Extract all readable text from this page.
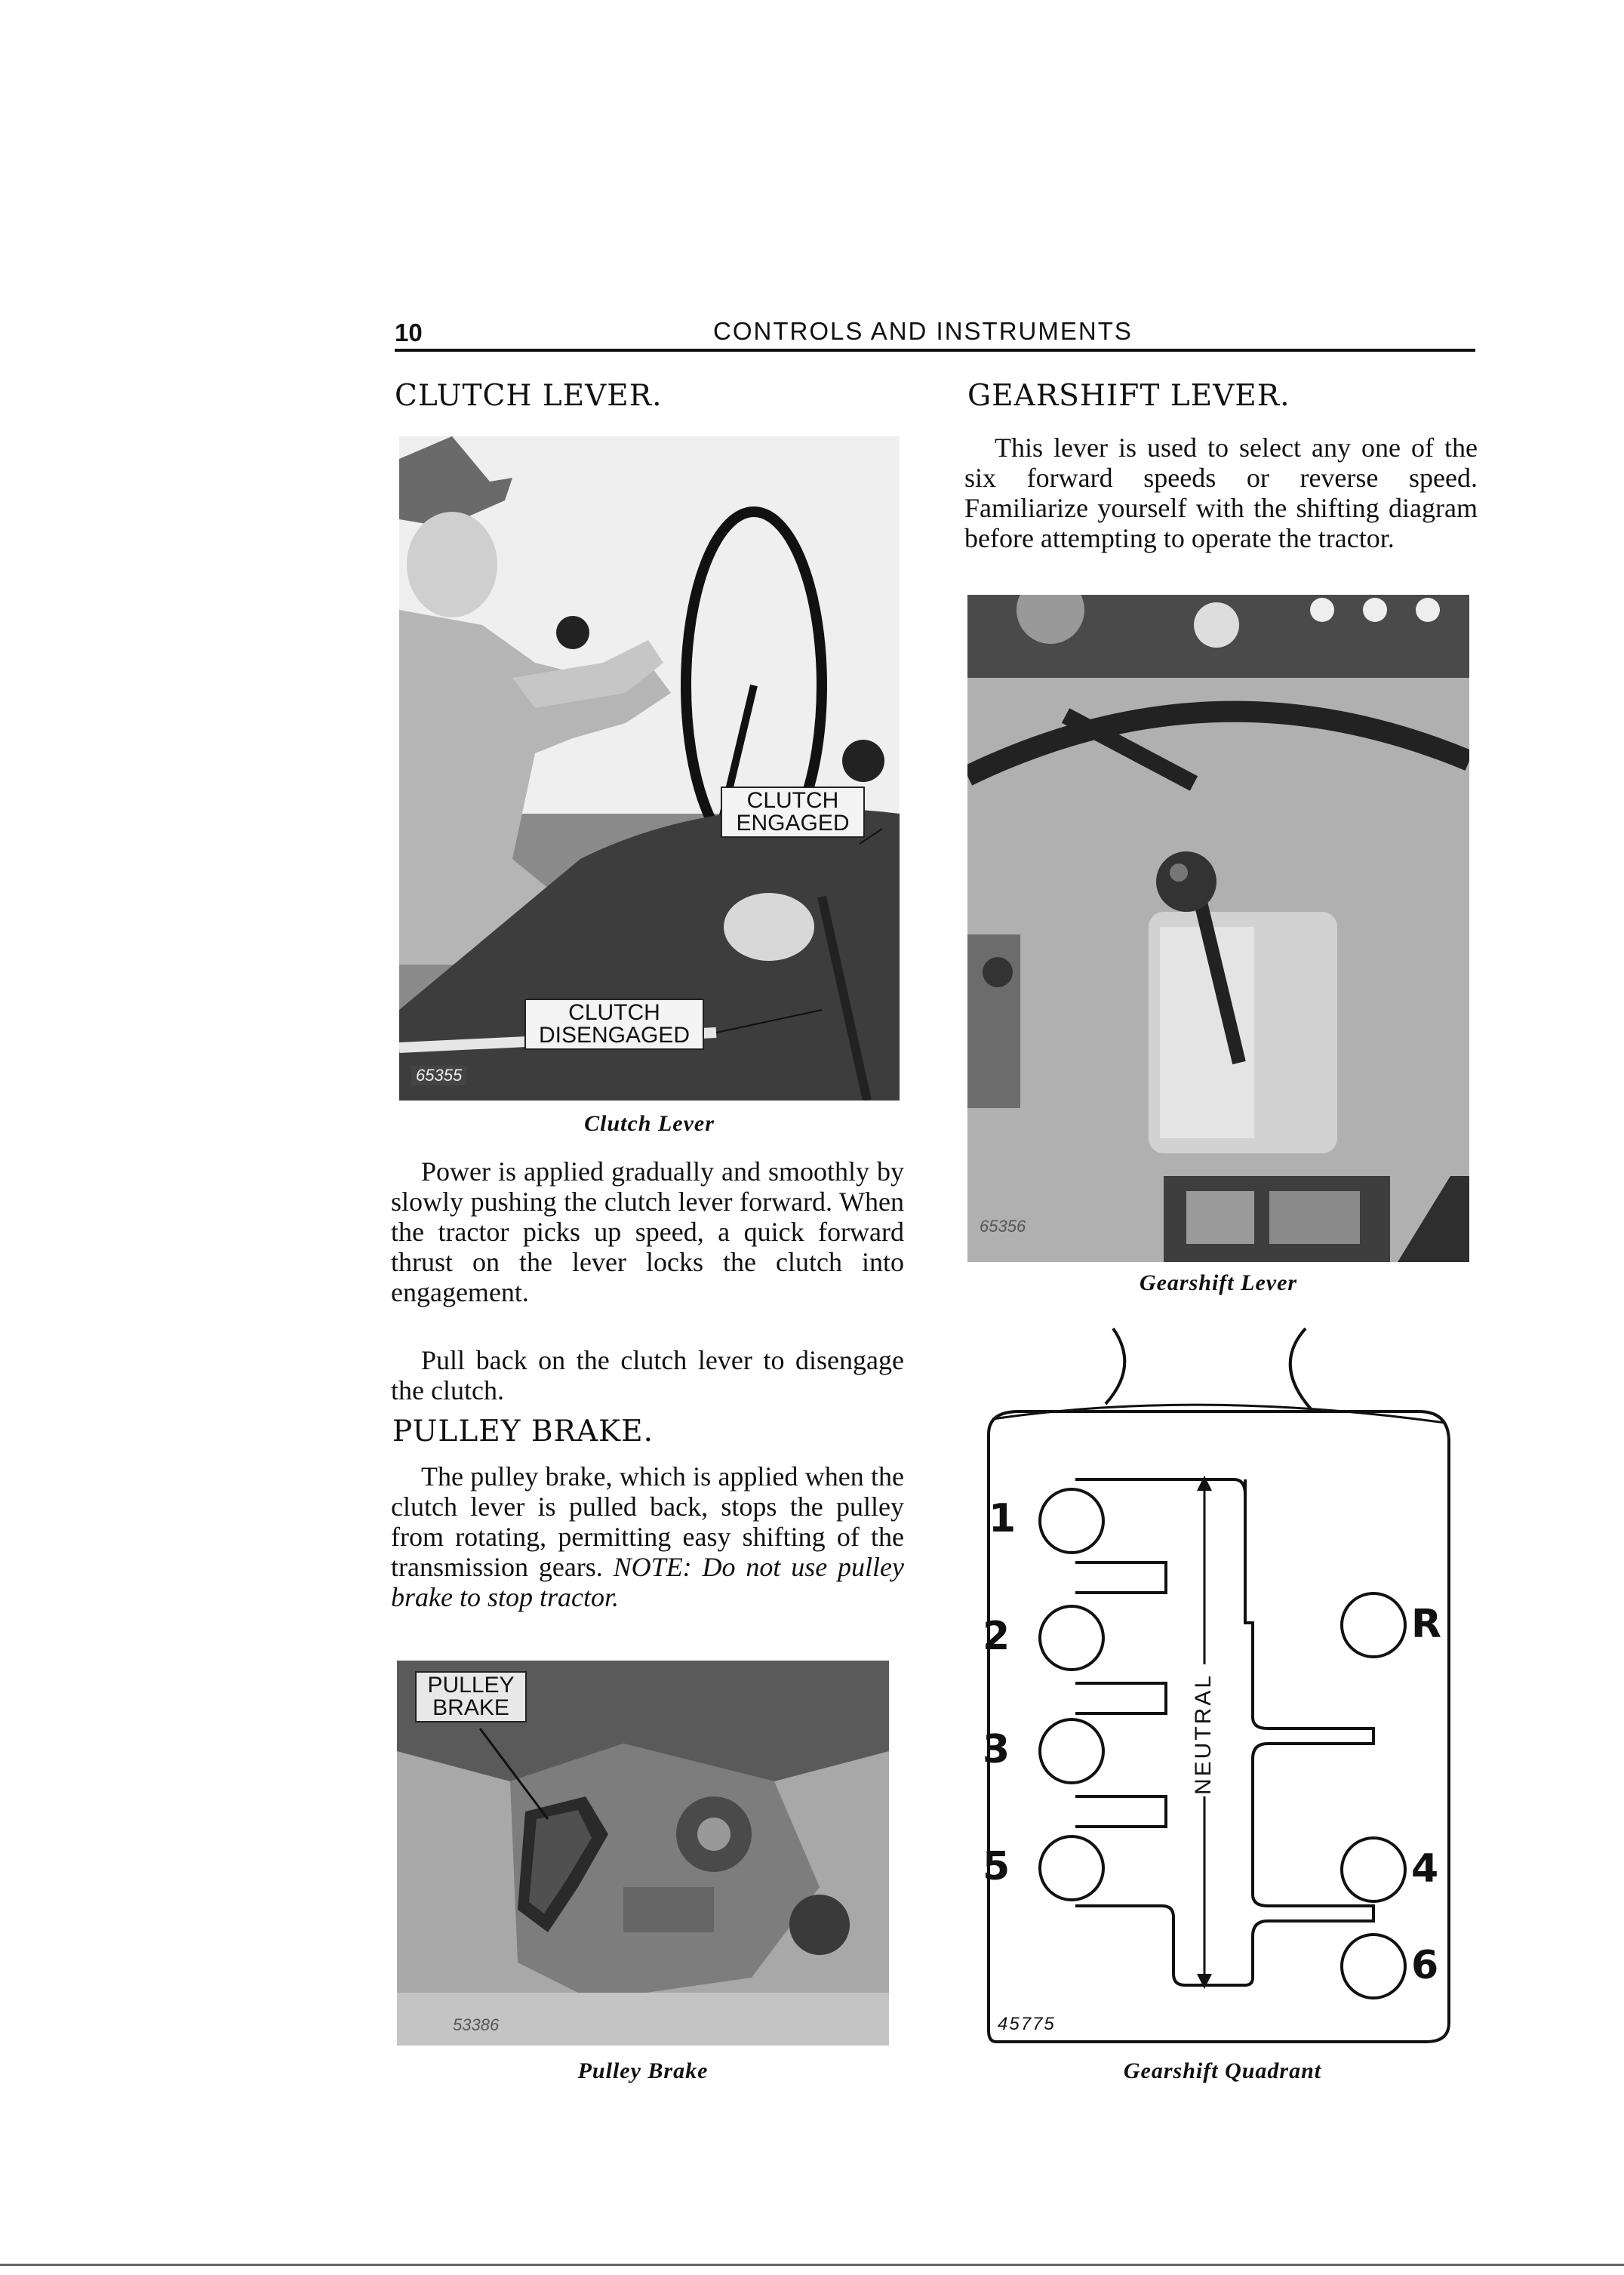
10	CONTROLS AND INSTRUMENTS
CLUTCH LEVER.
CLUTCH
ENGAGED
CLUTCH
DISENGAGED
65355
Clutch Lever
Power is applied gradually and smoothly by slowly pushing the clutch lever forward. When the tractor picks up speed, a quick forward thrust on the lever locks the clutch into engagement.
Pull back on the clutch lever to disengage the clutch.
PULLEY BRAKE.
The pulley brake, which is applied when the clutch lever is pulled back, stops the pulley from rotating, permitting easy shifting of the transmission gears. NOTE: Do not use pulley brake to stop tractor.
PULLEY
BRAKE
53386
Pulley Brake
GEARSHIFT LEVER.
This lever is used to select any one of the six forward speeds or reverse speed. Familiarize yourself with the shifting diagram before attempting to operate the tractor.
65356
Gearshift Lever
NEUTRAL
1
2
3
5
R
4
6
45775
Gearshift Quadrant
